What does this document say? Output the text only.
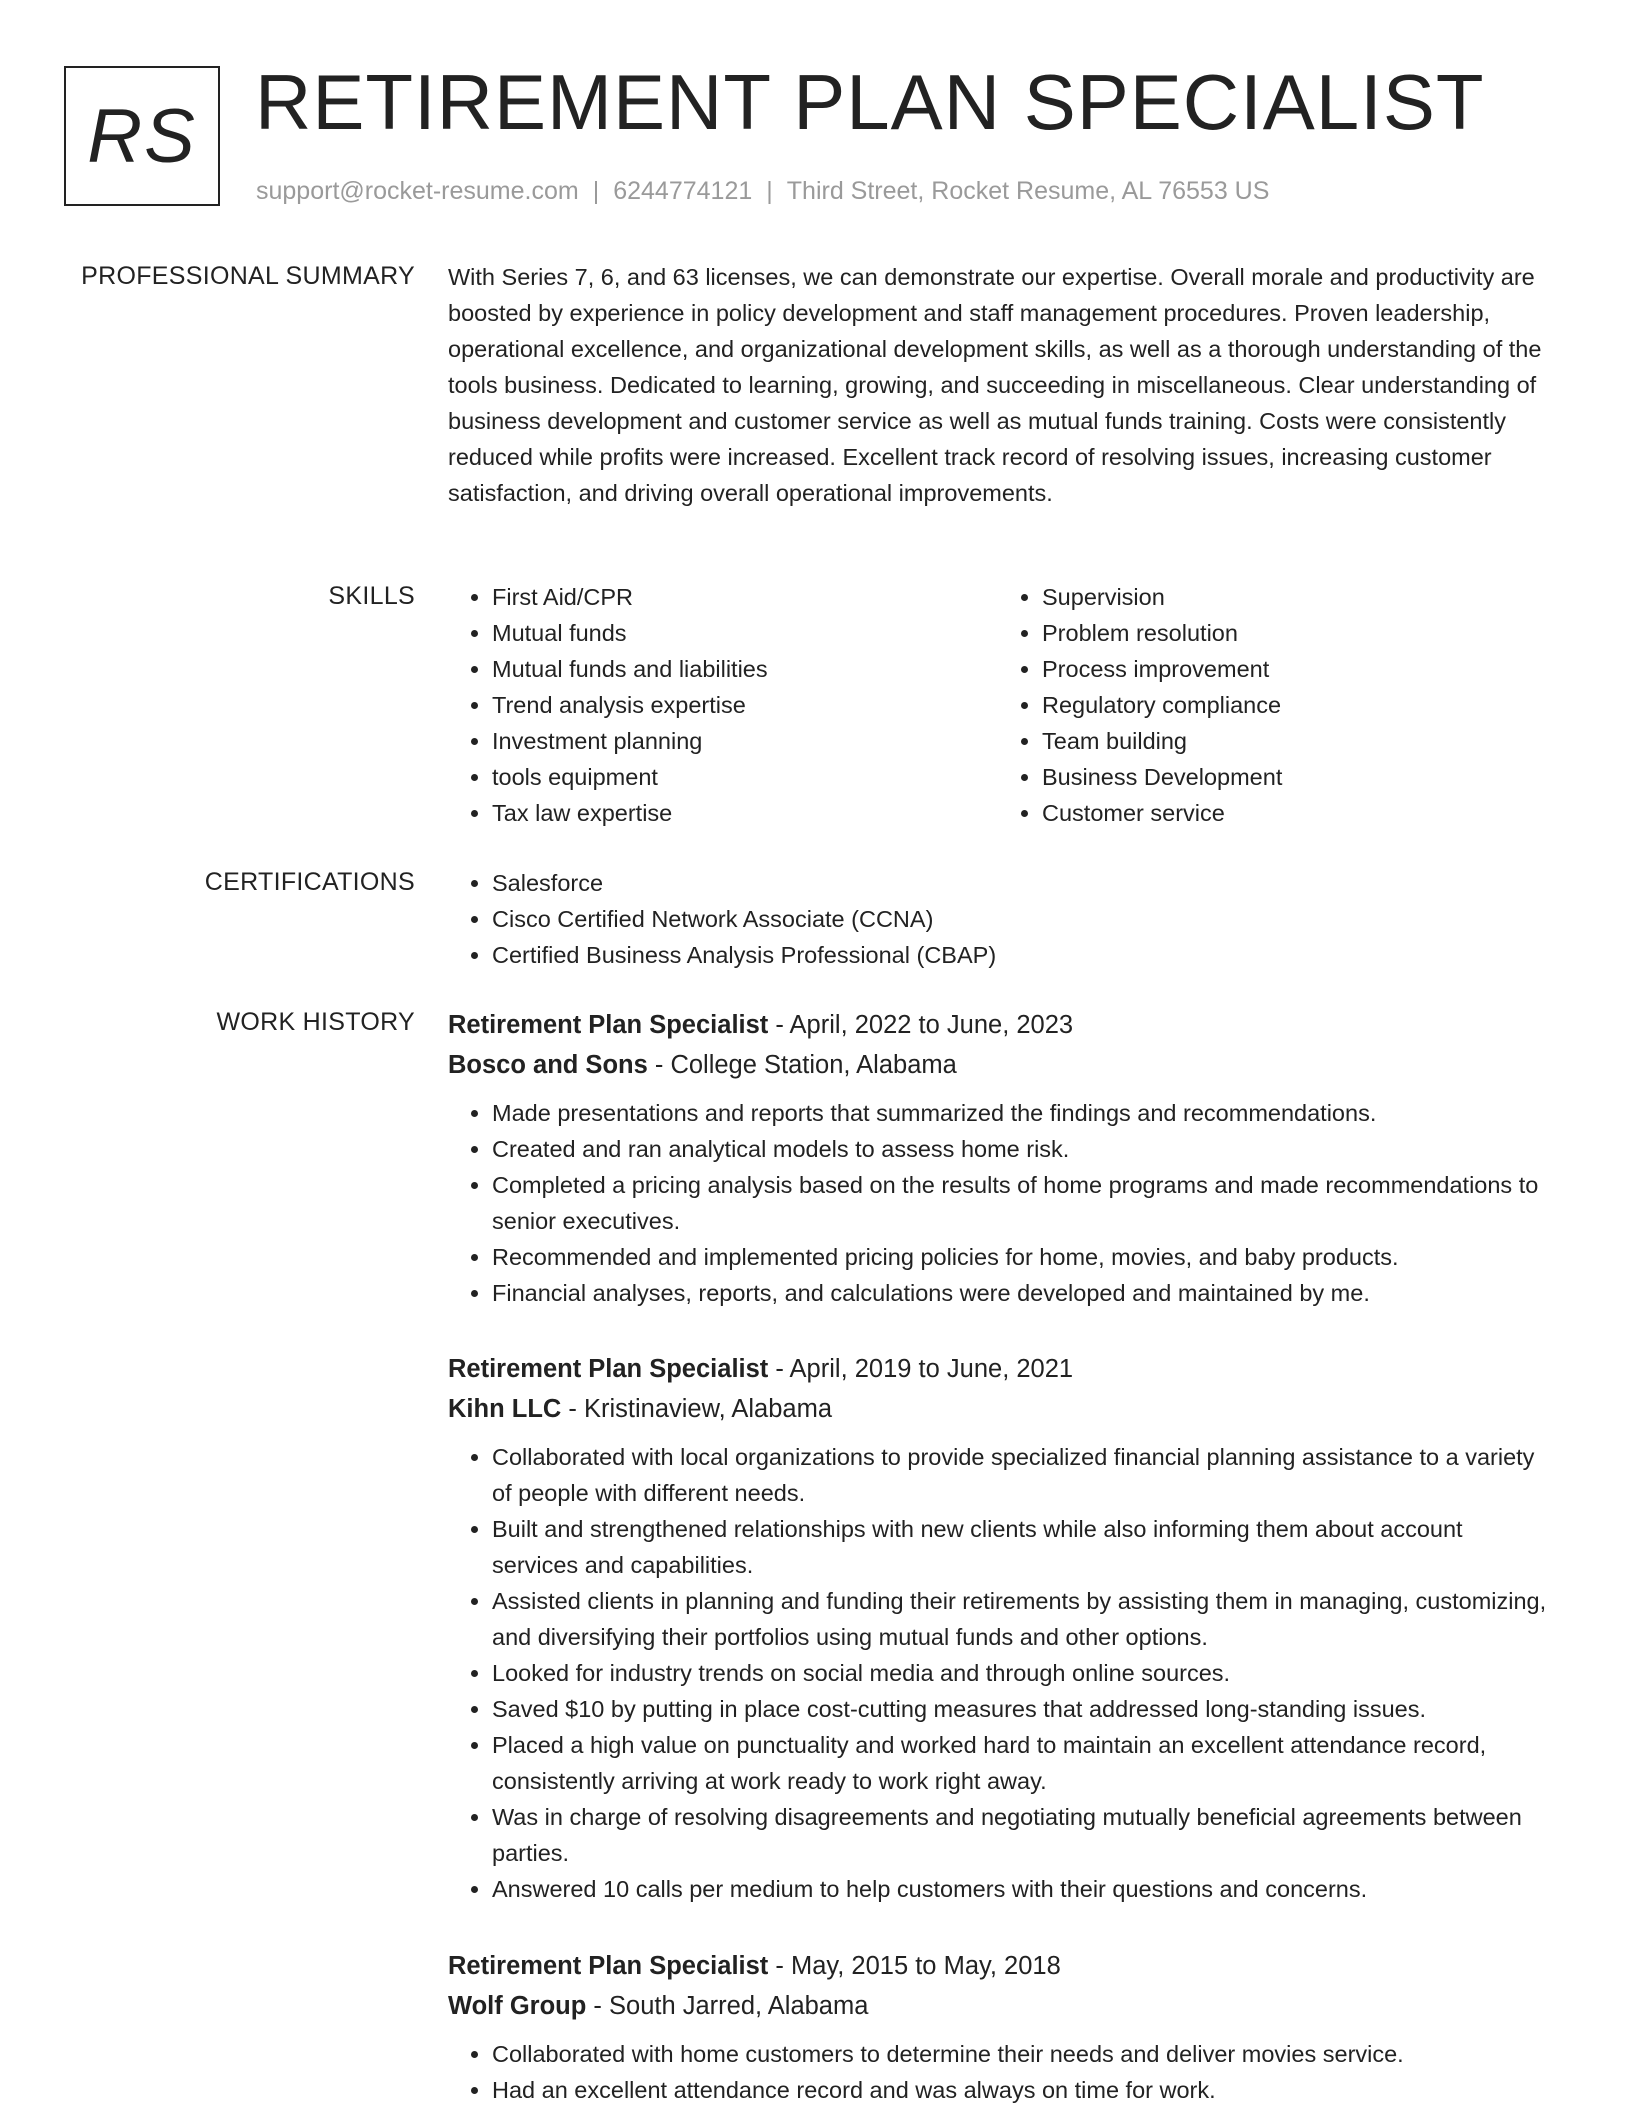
RS RETIREMENT PLAN SPECIALIST
support@rocket-resume.com | 6244774121 | Third Street, Rocket Resume, AL 76553 US
PROFESSIONAL SUMMARY With Series 7, 6, and 63 licenses, we can demonstrate our expertise. Overall morale and productivity are boosted by experience in policy development and staff management procedures. Proven leadership, operational excellence, and organizational development skills, as well as a thorough understanding of the tools business. Dedicated to learning, growing, and succeeding in miscellaneous. Clear understanding of business development and customer service as well as mutual funds training. Costs were consistently reduced while profits were increased. Excellent track record of resolving issues, increasing customer satisfaction, and driving overall operational improvements.
SKILLS	• First Aid/CPR
• Mutual funds
• Mutual funds and liabilities
• Trend analysis expertise
• Investment planning
• tools equipment
• Tax law expertise
• Supervision
• Problem resolution
• Process improvement
• Regulatory compliance
• Team building
• Business Development
• Customer service
CERTIFICATIONS	• Salesforce
• Cisco Certified Network Associate (CCNA)
• Certified Business Analysis Professional (CBAP)
WORK HISTORY Retirement Plan Specialist - April, 2022 to June, 2023
Bosco and Sons - College Station, Alabama
• Made presentations and reports that summarized the findings and recommendations.
• Created and ran analytical models to assess home risk.
• Completed a pricing analysis based on the results of home programs and made recommendations to senior executives.
• Recommended and implemented pricing policies for home, movies, and baby products.
• Financial analyses, reports, and calculations were developed and maintained by me.
Retirement Plan Specialist - April, 2019 to June, 2021
Kihn LLC - Kristinaview, Alabama
• Collaborated with local organizations to provide specialized financial planning assistance to a variety of people with different needs.
• Built and strengthened relationships with new clients while also informing them about account services and capabilities.
• Assisted clients in planning and funding their retirements by assisting them in managing, customizing, and diversifying their portfolios using mutual funds and other options.
• Looked for industry trends on social media and through online sources.
• Saved $10 by putting in place cost-cutting measures that addressed long-standing issues.
• Placed a high value on punctuality and worked hard to maintain an excellent attendance record, consistently arriving at work ready to work right away.
• Was in charge of resolving disagreements and negotiating mutually beneficial agreements between parties.
• Answered 10 calls per medium to help customers with their questions and concerns.
Retirement Plan Specialist - May, 2015 to May, 2018
Wolf Group - South Jarred, Alabama
• Collaborated with home customers to determine their needs and deliver movies service.
• Had an excellent attendance record and was always on time for work.
